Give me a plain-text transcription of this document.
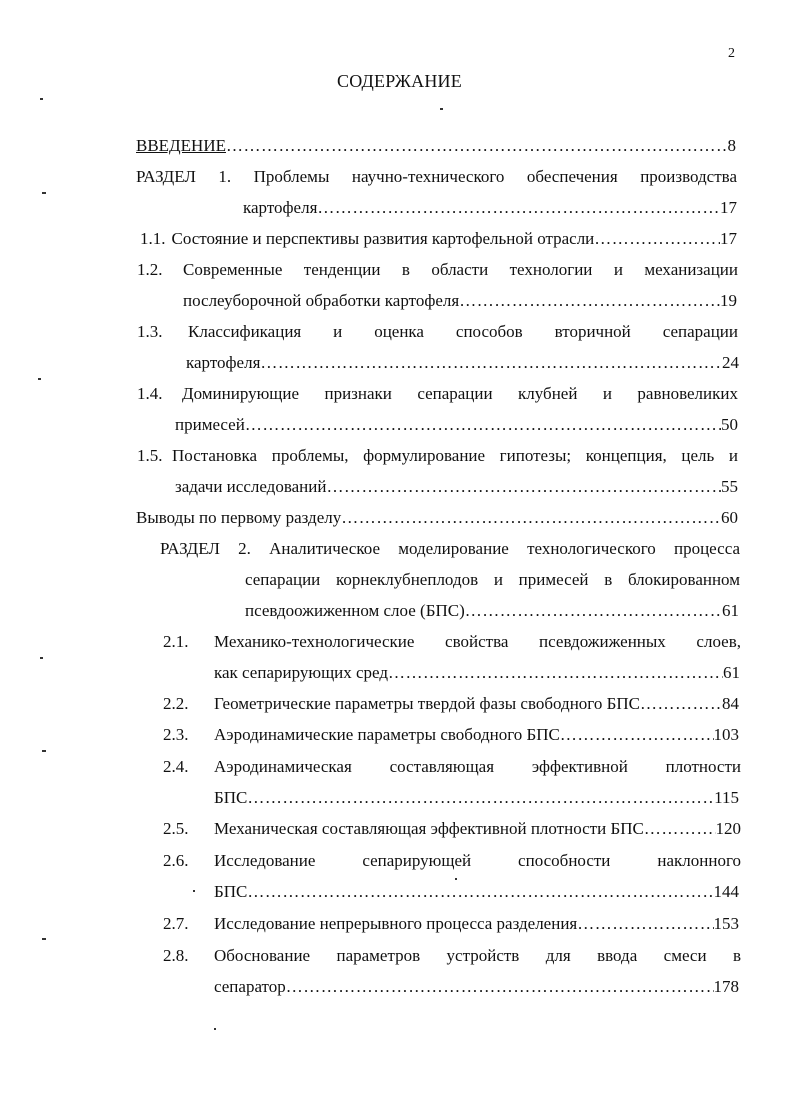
2
СОДЕРЖАНИЕ
ВВЕДЕНИЕ ……………………………………………………………………………………………………………………………………………………………………………………	8
РАЗДЕЛ 1. Проблемы научно-технического обеспечения производства
картофеля ……………………………………………………………………………………………………………………………………………………………………………………	17
1.1. Состояние и перспективы развития картофельной отрасли ……………………………………………………………………………………………………………………………………………………………………………………	17
1.2. Современные тенденции в области технологии и механизации
послеуборочной обработки картофеля ……………………………………………………………………………………………………………………………………………………………………………………	19
1.3. Классификация и оценка способов вторичной сепарации
картофеля ……………………………………………………………………………………………………………………………………………………………………………………	24
1.4. Доминирующие признаки сепарации клубней и равновеликих
примесей ……………………………………………………………………………………………………………………………………………………………………………………	50
1.5. Постановка проблемы, формулирование гипотезы; концепция, цель и
задачи исследований ……………………………………………………………………………………………………………………………………………………………………………………	55
Выводы по первому разделу ……………………………………………………………………………………………………………………………………………………………………………………	60
РАЗДЕЛ 2. Аналитическое моделирование технологического процесса
сепарации корнеклубнеплодов и примесей в блокированном
псевдоожиженном слое (БПС) ……………………………………………………………………………………………………………………………………………………………………………………	61
2.1. Механико-технологические свойства псевдожиженных слоев,
как сепарирующих сред ……………………………………………………………………………………………………………………………………………………………………………………	61
2.2. Геометрические параметры твердой фазы свободного БПС ……………………………………………………………………………………………………………………………………………………………………………………	84
2.3. Аэродинамические параметры свободного БПС ……………………………………………………………………………………………………………………………………………………………………………………	103
2.4. Аэродинамическая составляющая эффективной плотности
БПС ……………………………………………………………………………………………………………………………………………………………………………………	115
2.5. Механическая составляющая эффективной плотности БПС ……………………………………………………………………………………………………………………………………………………………………………………	120
2.6. Исследование сепарирующей способности наклонного
БПС ……………………………………………………………………………………………………………………………………………………………………………………	144
2.7. Исследование непрерывного процесса разделения ……………………………………………………………………………………………………………………………………………………………………………………	153
2.8. Обоснование параметров устройств для ввода смеси в
сепаратор ……………………………………………………………………………………………………………………………………………………………………………………	178
